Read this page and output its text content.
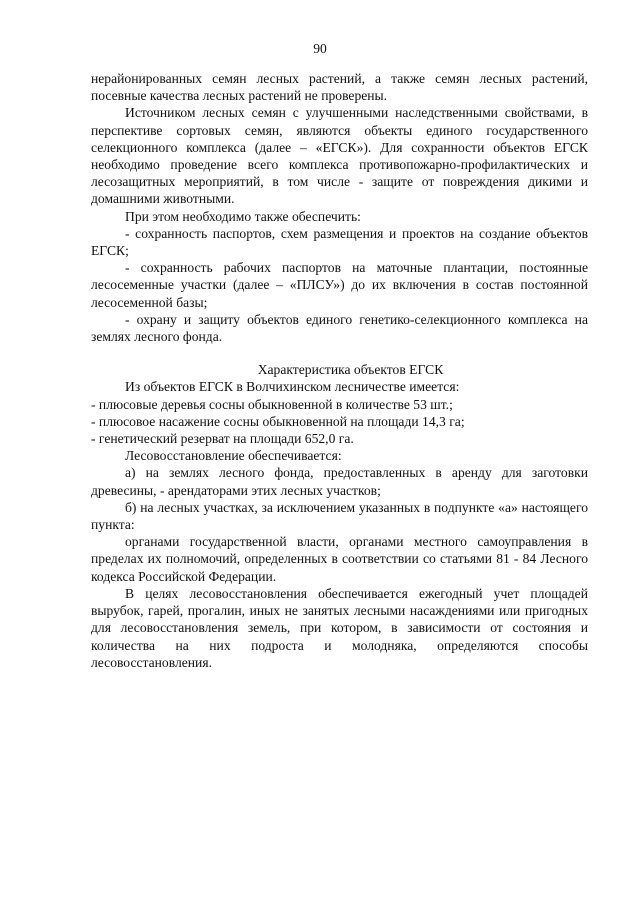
90

нерайонированных семян лесных растений, а также семян лесных растений, посевные качества лесных растений не проверены.

Источником лесных семян с улучшенными наследственными свойствами, в перспективе сортовых семян, являются объекты единого государственного селекционного комплекса (далее – «ЕГСК»). Для сохранности объектов ЕГСК необходимо проведение всего комплекса противопожарно-профилактических и лесозащитных мероприятий, в том числе - защите от повреждения дикими и домашними животными.

При этом необходимо также обеспечить:

- сохранность паспортов, схем размещения и проектов на создание объектов ЕГСК;

- сохранность рабочих паспортов на маточные плантации, постоянные лесосеменные участки (далее – «ПЛСУ») до их включения в состав постоянной лесосеменной базы;

- охрану и защиту объектов единого генетико-селекционного комплекса на землях лесного фонда.

Характеристика объектов ЕГСК

Из объектов ЕГСК в Волчихинском лесничестве имеется:

- плюсовые деревья сосны обыкновенной в количестве 53 шт.;

- плюсовое насажение сосны обыкновенной на площади 14,3 га;

- генетический резерват на площади 652,0 га.

Лесовосстановление обеспечивается:

а) на землях лесного фонда, предоставленных в аренду для заготовки древесины, - арендаторами этих лесных участков;

б) на лесных участках, за исключением указанных в подпункте «а» настоящего пункта:

органами государственной власти, органами местного самоуправления в пределах их полномочий, определенных в соответствии со статьями 81 - 84 Лесного кодекса Российской Федерации.

В целях лесовосстановления обеспечивается ежегодный учет площадей вырубок, гарей, прогалин, иных не занятых лесными насаждениями или пригодных для лесовосстановления земель, при котором, в зависимости от состояния и количества на них подроста и молодняка, определяются способы лесовосстановления.
